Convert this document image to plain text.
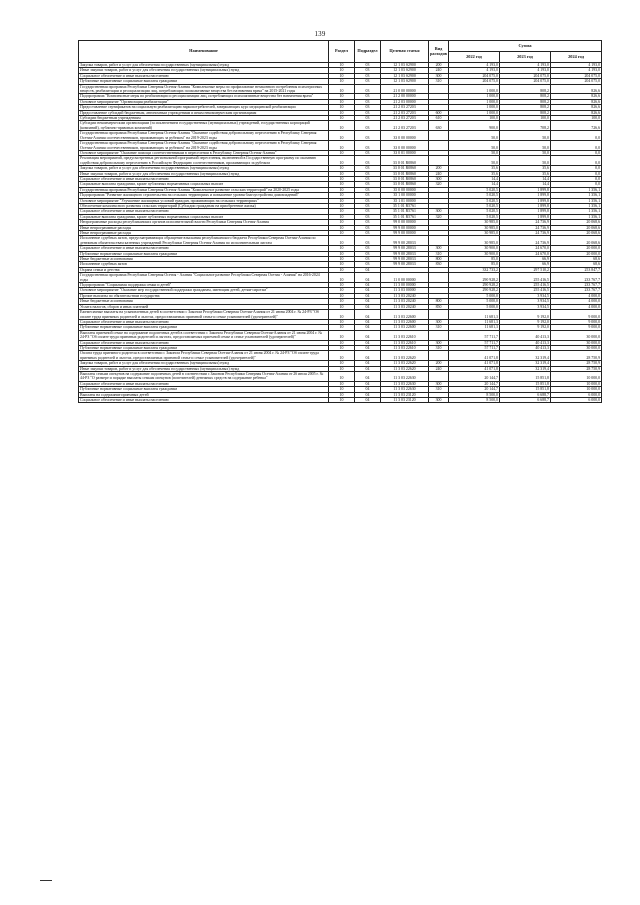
139
Наименование	Раздел	Подраздел	Целевая статья	Вид расходов	Сумма		
					2022 год	2023 год	2024 год
Закупка товаров, работ и услуг для обеспечения государственных (муниципальных) нужд	10	03	12 1 03 S2900	200	4 193,0	4 193,0	4 193,0
Иные закупки товаров, работ и услуг для обеспечения государственных (муниципальных) нужд	10	03	12 1 03 S2900	240	4 193,0	4 193,0	4 193,0
Социальное обеспечение и иные выплаты населению	10	03	12 1 03 S2900	300	204 075,0	204 075,0	204 075,0
Публичные нормативные социальные выплаты гражданам	10	03	12 1 03 S2900	310	204 075,0	204 075,0	204 075,0
Государственная программа Республики Северная Осетия-Алания "Комплексные меры по профилактике незаконного потребления психотропных веществ, реабилитации и ресоциализации лиц, потребляющих психоактивные вещества без назначения врача" на 2015-2021 годы	10	03	21 0 00 00000		1 000,0	808,2	826,6
Подпрограмма "Комплексные меры по реабилитации и ресоциализации лиц, потребляющих психоактивные вещества без назначения врача"	10	03	21 2 00 00000		1 000,0	808,2	826,6
Основное мероприятие "Организация реабилитации"	10	03	21 2 03 00000		1 000,0	808,2	826,6
Предоставление сертификатов на социальную реабилитацию наркопотребителей, завершающих курс медицинской реабилитации	10	03	21 2 03 27203		1 000,0	808,2	826,6
Предоставление субсидий бюджетным, автономным учреждениям и иным некоммерческим организациям	10	03	21 2 03 27203	600	1 000,0	808,2	826,6
Субсидии бюджетным учреждениям	10	03	21 2 03 27203	610	100,0	100,0	100,0
Субсидии некоммерческим организациям (за исключением государственных (муниципальных) учреждений, государственных корпораций (компаний), публично-правовых компаний)	10	03	21 2 03 27203	630	900,0	708,2	726,6
Государственная программа Республики Северная Осетия-Алания "Оказание содействия добровольному переселению в Республику Северная Осетия-Алания соотечественников, проживающих за рубежом" на 2019-2023 годы	10	03	33 0 00 00000		50,0	50,0	0,0
Государственная программа Республики Северная Осетия-Алания "Оказание содействия добровольному переселению в Республику Северная Осетия-Алания соотечественников, проживающих за рубежом" на 2019-2023 годы	10	03	33 0 00 00000		50,0	50,0	0,0
Основное мероприятие "Оказание помощи соотечественникам в переселении в Республику Северная Осетия-Алания"	10	03	33 0 01 00000		50,0	50,0	0,0
Реализация мероприятий, предусмотренных региональной программой переселения, включенной в Государственную программу по оказанию содействия добровольному переселению в Российскую Федерацию соотечественников, проживающих за рубежом	10	03	33 0 01 R0860		50,0	50,0	0,0
Закупка товаров, работ и услуг для обеспечения государственных (муниципальных) нужд	10	03	33 0 01 R0860	200	35,6	35,6	0,0
Иные закупки товаров, работ и услуг для обеспечения государственных (муниципальных) нужд	10	03	33 0 01 R0860	240	35,6	35,6	0,0
Социальное обеспечение и иные выплаты населению	10	03	33 0 01 R0860	300	14,4	14,4	0,0
Социальные выплаты гражданам, кроме публичных нормативных социальных выплат	10	03	33 0 01 R0860	320	14,4	14,4	0,0
Государственная программа Республики Северная Осетия-Алания "Комплексное развитие сельских территорий" на 2020-2025 годы	10	03	35 0 00 00000		5 020,5	1 899,8	1 356,1
Подпрограмма "Развитие жилищного строительства на сельских территориях и повышение уровня благоустройства домовладений"	10	03	35 1 00 00000		5 020,5	1 899,8	1 356,1
Основное мероприятие "Улучшение жилищных условий граждан, проживающих на сельских территориях"	10	03	35 1 01 00000		5 020,5	1 899,8	1 356,1
Обеспечение комплексного развития сельских территорий (Субсидии гражданам на приобретение жилья)	10	03	35 1 01 R5761		5 020,5	1 899,8	1 356,1
Социальное обеспечение и иные выплаты населению	10	03	35 1 01 R5761	300	5 020,5	1 899,8	1 356,1
Социальные выплаты гражданам, кроме публичных нормативных социальных выплат	10	03	35 1 01 R5761	320	5 020,5	1 899,8	1 356,1
Непрограммные расходы республиканских органов исполнительной власти Республики Северная Осетия-Алания	10	03	99 0 00 00000		30 985,0	24 736,9	20 068,6
Иные непрограммные расходы	10	03	99 9 00 00000		30 985,0	24 736,9	20 068,6
Иные непрограммные расходы	10	03	99 9 00 00000		30 985,0	24 736,9	20 068,6
Исполнение судебных актов, предусматривающих обращение взыскания республиканского бюджета Республики Северная Осетия-Алания по денежным обязательствам казенных учреждений Республики Северная Осетия-Алания по исполнительным листам	10	03	99 9 00 28033		30 985,0	24 736,9	20 068,6
Социальное обеспечение и иные выплаты населению	10	03	99 9 00 28033	300	30 900,0	24 670,0	20 000,0
Публичные нормативные социальные выплаты гражданам	10	03	99 9 00 28033	310	30 900,0	24 670,0	20 000,0
Иные бюджетные ассигнования	10	03	99 9 00 28033	800	85,0	66,9	68,6
Исполнение судебных актов	10	03	99 9 00 28033	830	85,0	66,9	68,6
Охрана семьи и детства	10	04			332 733,2	297 510,2	253 847,7
Государственная программа Республики Северная Осетия - Алания "Социальное развитие Республики Северная Осетия - Алания" на 2016-2024 годы	10	04	11 0 00 00000		290 928,2	255 416,5	233 767,7
Подпрограмма "Социальная поддержка семьи и детей"	10	04	11 3 00 00000		290 928,2	255 416,5	233 767,7
Основное мероприятие "Оказание мер государственной поддержки гражданам, имеющим детей, детям-сиротам"	10	04	11 3 03 00000		290 928,2	255 416,5	233 767,7
Прочие выплаты по обязательствам государства	10	04	11 3 03 20240		5 000,0	3 934,5	4 000,0
Иные бюджетные ассигнования	10	04	11 3 03 20240	800	5 000,0	3 934,5	4 000,0
Уплата налогов, сборов и иных платежей	10	04	11 3 03 20240	850	5 000,0	3 934,5	4 000,0
Ежемесячные выплаты на усыновленных детей в соответствии с Законом Республики Северная Осетия-Алания от 21 июня 2004 г. № 24-РЗ "Об оплате труда приемных родителей и льготах, предоставляемых приемной семье и семье усыновителей (удочерителей)"	10	04	11 3 03 22600		11 681,3	9 192,0	9 000,0
Социальное обеспечение и иные выплаты населению	10	04	11 3 03 22600	300	11 681,3	9 192,0	9 000,0
Публичные нормативные социальные выплаты гражданам	10	04	11 3 03 22600	310	11 681,3	9 192,0	9 000,0
Выплаты приемной семье на содержание подопечных детей в соответствии с Законом Республики Северная Осетия-Алания от 21 июня 2004 г. № 24-РЗ "Об оплате труда приемных родителей и льготах, предоставляемых приемной семье и семье усыновителей (удочерителей)"	10	04	11 3 03 22610		57 711,7	40 413,3	30 000,0
Социальное обеспечение и иные выплаты населению	10	04	11 3 03 22610	300	57 711,7	40 413,3	30 000,0
Публичные нормативные социальные выплаты гражданам	10	04	11 3 03 22610	310	57 711,7	40 413,3	30 000,0
Оплата труда приемного родителя в соответствии с Законом Республики Северная Осетия-Алания от 21 июня 2004 г. № 24-РЗ "Об оплате труда приемных родителей и льготах, предоставляемых приемной семье и семье усыновителей (удочерителей)"	10	04	11 3 03 22620		41 071,8	32 319,4	28 750,9
Закупка товаров, работ и услуг для обеспечения государственных (муниципальных) нужд	10	04	11 3 03 22620	200	41 071,8	32 319,4	28 750,9
Иные закупки товаров, работ и услуг для обеспечения государственных (муниципальных) нужд	10	04	11 3 03 22620	240	41 071,8	32 319,4	28 750,9
Выплаты семьям опекунов на содержание подопечных детей в соответствии с Законом Республики Северная Осетия-Алания от 26 июля 2005 г. № 44-РЗ "О размере и порядке выплаты семьям опекунов (попечителей) денежных средств на содержание ребенка"	10	04	11 3 03 22630		20 144,7	15 851,8	10 000,0
Социальное обеспечение и иные выплаты населению	10	04	11 3 03 22630	300	20 144,7	15 851,8	10 000,0
Публичные нормативные социальные выплаты гражданам	10	04	11 3 03 22630	310	20 144,7	15 851,8	10 000,0
Выплаты на содержание приемных детей	10	04	11 3 03 23120		8 500,0	6 688,7	6 000,0
Социальное обеспечение и иные выплаты населению	10	04	11 3 03 23120	300	8 500,0	6 688,7	6 000,0
